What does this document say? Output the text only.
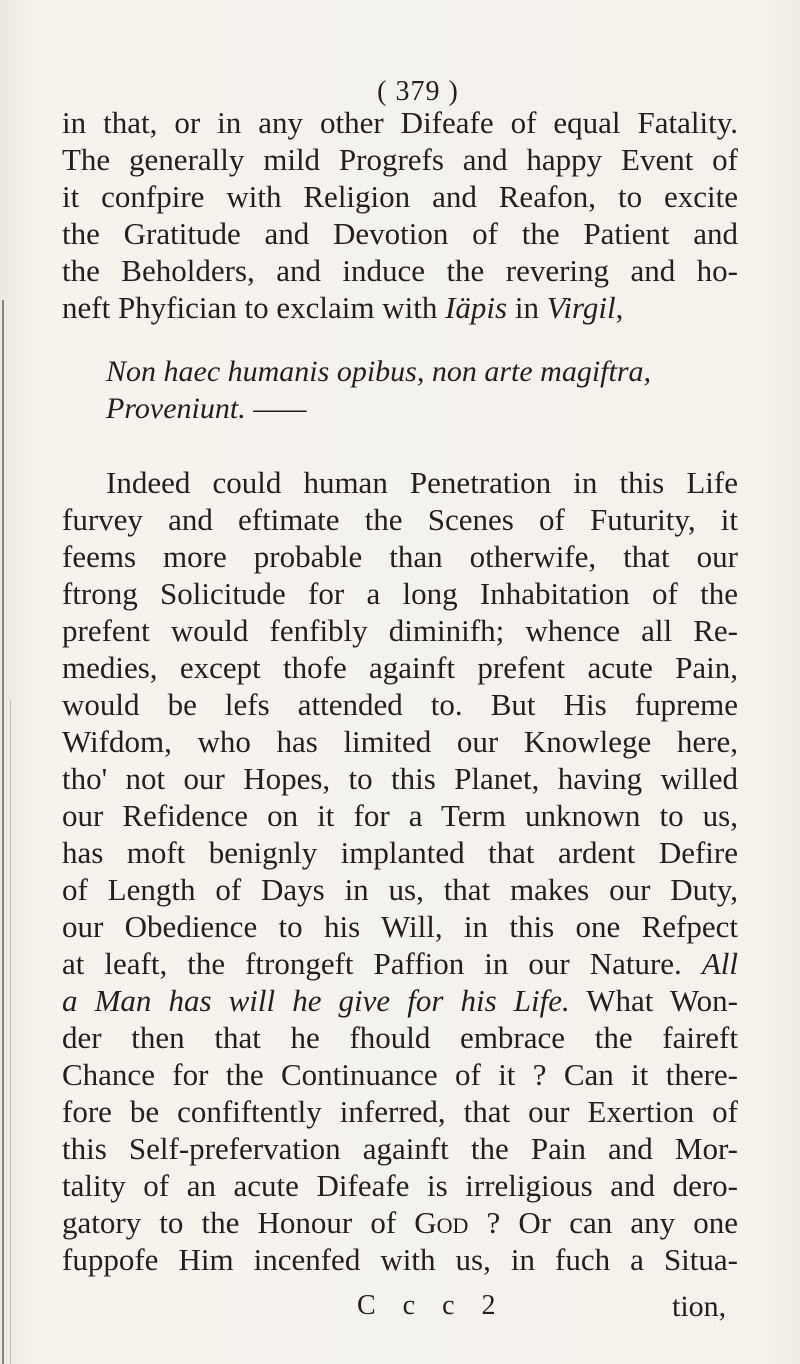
( 379 )
in that, or in any other Difeafe of equal Fatality.
The generally mild Progrefs and happy Event of
it confpire with Religion and Reafon, to excite
the Gratitude and Devotion of the Patient and
the Beholders, and induce the revering and ho-
neft Phyfician to exclaim with Iäpis in Virgil,
Non haec humanis opibus, non arte magiftra,
Proveniunt. ——
Indeed could human Penetration in this Life
furvey and eftimate the Scenes of Futurity, it
feems more probable than otherwife, that our
ftrong Solicitude for a long Inhabitation of the
prefent would fenfibly diminifh; whence all Re-
medies, except thofe againft prefent acute Pain,
would be lefs attended to. But His fupreme
Wifdom, who has limited our Knowlege here,
tho' not our Hopes, to this Planet, having willed
our Refidence on it for a Term unknown to us,
has moft benignly implanted that ardent Defire
of Length of Days in us, that makes our Duty,
our Obedience to his Will, in this one Refpect
at leaft, the ftrongeft Paffion in our Nature. All
a Man has will he give for his Life. What Won-
der then that he fhould embrace the faireft
Chance for the Continuance of it ? Can it there-
fore be confiftently inferred, that our Exertion of
this Self-prefervation againft the Pain and Mor-
tality of an acute Difeafe is irreligious and dero-
gatory to the Honour of God ? Or can any one
fuppofe Him incenfed with us, in fuch a Situa-
C c c 2	tion,
